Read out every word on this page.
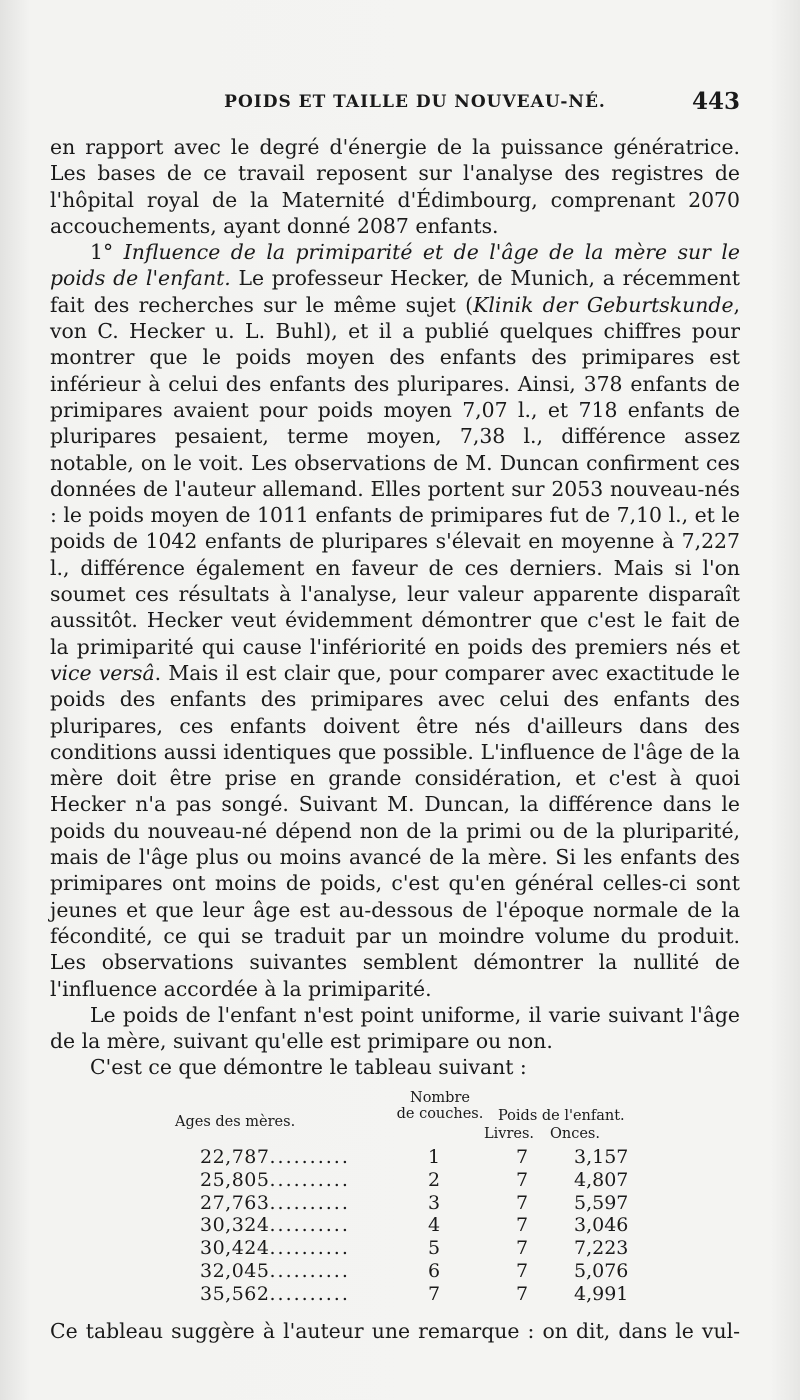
POIDS ET TAILLE DU NOUVEAU-NÉ.	443

en rapport avec le degré d'énergie de la puissance génératrice. Les bases de ce travail reposent sur l'analyse des registres de l'hôpital royal de la Maternité d'Édimbourg, comprenant 2070 accouchements, ayant donné 2087 enfants.

1° Influence de la primiparité et de l'âge de la mère sur le poids de l'enfant. Le professeur Hecker, de Munich, a récemment fait des recherches sur le même sujet (Klinik der Geburtskunde, von C. Hecker u. L. Buhl), et il a publié quelques chiffres pour montrer que le poids moyen des enfants des primipares est inférieur à celui des enfants des pluripares. Ainsi, 378 enfants de primipares avaient pour poids moyen 7,07 l., et 718 enfants de pluripares pesaient, terme moyen, 7,38 l., différence assez notable, on le voit. Les observations de M. Duncan confirment ces données de l'auteur allemand. Elles portent sur 2053 nouveau-nés : le poids moyen de 1011 enfants de primipares fut de 7,10 l., et le poids de 1042 enfants de pluripares s'élevait en moyenne à 7,227 l., différence également en faveur de ces derniers. Mais si l'on soumet ces résultats à l'analyse, leur valeur apparente disparaît aussitôt. Hecker veut évidemment démontrer que c'est le fait de la primiparité qui cause l'infériorité en poids des premiers nés et vice versâ. Mais il est clair que, pour comparer avec exactitude le poids des enfants des primipares avec celui des enfants des pluripares, ces enfants doivent être nés d'ailleurs dans des conditions aussi identiques que possible. L'influence de l'âge de la mère doit être prise en grande considération, et c'est à quoi Hecker n'a pas songé. Suivant M. Duncan, la différence dans le poids du nouveau-né dépend non de la primi ou de la pluriparité, mais de l'âge plus ou moins avancé de la mère. Si les enfants des primipares ont moins de poids, c'est qu'en général celles-ci sont jeunes et que leur âge est au-dessous de l'époque normale de la fécondité, ce qui se traduit par un moindre volume du produit. Les observations suivantes semblent démontrer la nullité de l'influence accordée à la primiparité.

Le poids de l'enfant n'est point uniforme, il varie suivant l'âge de la mère, suivant qu'elle est primipare ou non.

C'est ce que démontre le tableau suivant :

Ages des mères.
Nombre
de couches.	Poids de l'enfant.
Livres. Onces.
22,787..........	1	7 3,157
25,805..........	2	7 4,807
27,763..........	3	7 5,597
30,324..........	4	7 3,046
30,424..........	5	7 7,223
32,045..........	6	7 5,076
35,562..........	7	7 4,991
Ce tableau suggère à l'auteur une remarque : on dit, dans le vul-
